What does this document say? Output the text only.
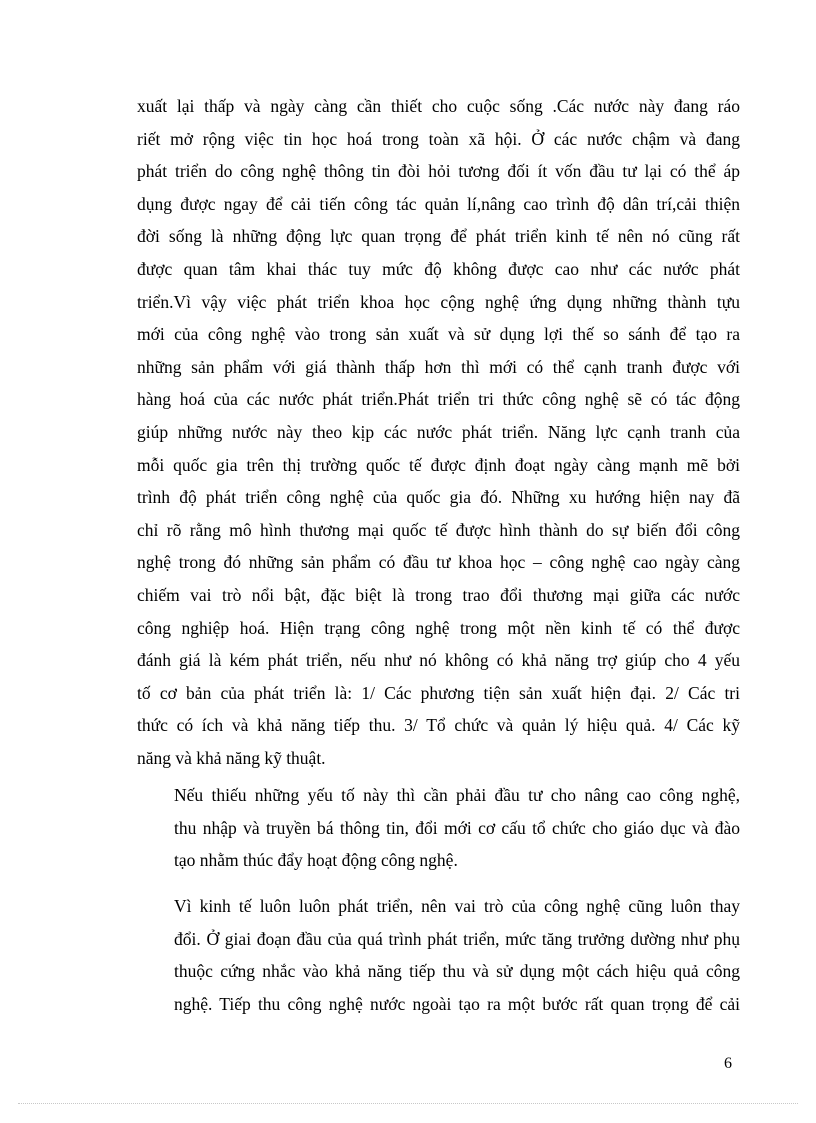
xuất lại thấp và ngày càng cần thiết cho cuộc sống .Các nước này đang ráo
riết mở rộng việc tin học hoá trong toàn xã hội. Ở các nước chậm và đang
phát triển do công nghệ thông tin đòi hỏi tương đối ít vốn đầu tư lại có thể áp
dụng được ngay để cải tiến công tác quản lí,nâng cao trình độ dân trí,cải thiện
đời sống là những động lực quan trọng để phát triển kinh tế nên nó cũng rất
được quan tâm khai thác tuy mức độ không được cao như các nước phát
triển.Vì vậy việc phát triển khoa học cộng nghệ ứng dụng những thành tựu
mới của công nghệ vào trong sản xuất và sử dụng lợi thế so sánh để tạo ra
những sản phẩm với giá thành thấp hơn thì mới có thể cạnh tranh được với
hàng hoá của các nước phát triển.Phát triển tri thức công nghệ sẽ có tác động
giúp những nước này theo kịp các nước phát triển. Năng lực cạnh tranh của
mỗi quốc gia trên thị trường quốc tế được định đoạt ngày càng mạnh mẽ bởi
trình độ phát triển công nghệ của quốc gia đó. Những xu hướng hiện nay đã
chỉ rõ rằng mô hình thương mại quốc tế được hình thành do sự biến đổi công
nghệ trong đó những sản phẩm có đầu tư khoa học – công nghệ cao ngày càng
chiếm vai trò nổi bật, đặc biệt là trong trao đổi thương mại giữa các nước
công nghiệp hoá. Hiện trạng công nghệ trong một nền kinh tế có thể được
đánh giá là kém phát triển, nếu như nó không có khả năng trợ giúp cho 4 yếu
tố cơ bản của phát triển là: 1/ Các phương tiện sản xuất hiện đại. 2/ Các tri
thức có ích và khả năng tiếp thu. 3/ Tổ chức và quản lý hiệu quả. 4/ Các kỹ
năng và khả năng kỹ thuật.
Nếu thiếu những yếu tố này thì cần phải đầu tư cho nâng cao công nghệ,
thu nhập và truyền bá thông tin, đổi mới cơ cấu tổ chức cho giáo dục và đào
tạo nhằm thúc đẩy hoạt động công nghệ.
Vì kinh tế luôn luôn phát triển, nên vai trò của công nghệ cũng luôn thay
đổi. Ở giai đoạn đầu của quá trình phát triển, mức tăng trưởng dường như phụ
thuộc cứng nhắc vào khả năng tiếp thu và sử dụng một cách hiệu quả công
nghệ. Tiếp thu công nghệ nước ngoài tạo ra một bước rất quan trọng để cải
6
